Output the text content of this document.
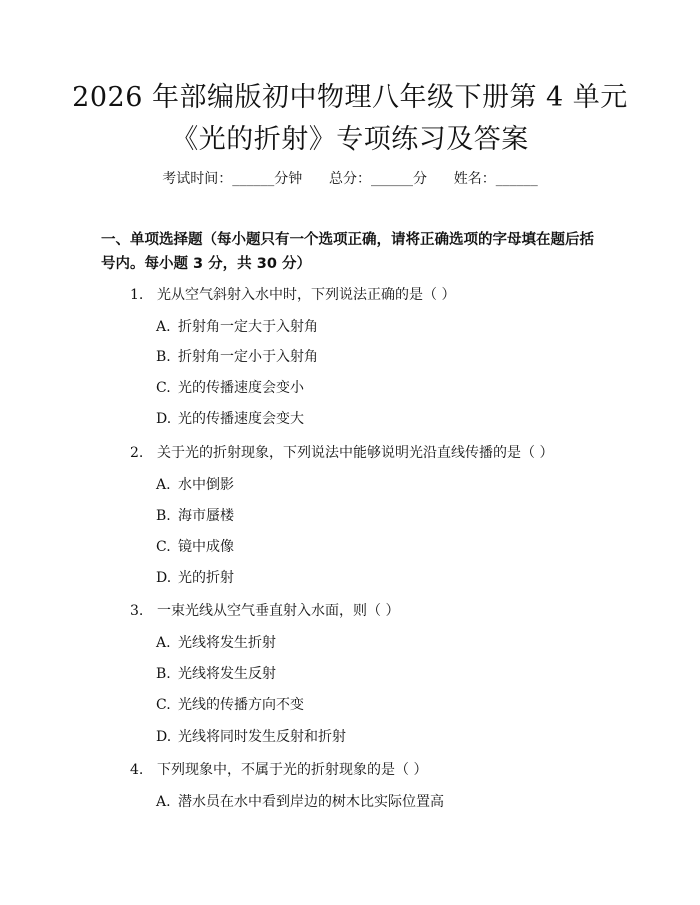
2026 年部编版初中物理八年级下册第 4 单元
《光的折射》专项练习及答案
考试时间：______分钟      总分：______分      姓名：______
一、单项选择题（每小题只有一个选项正确，请将正确选项的字母填在题后括号内。每小题 3 分，共 30 分）
1. 光从空气斜射入水中时，下列说法正确的是（ ）
A. 折射角一定大于入射角
B. 折射角一定小于入射角
C. 光的传播速度会变小
D. 光的传播速度会变大
2. 关于光的折射现象，下列说法中能够说明光沿直线传播的是（ ）
A. 水中倒影
B. 海市蜃楼
C. 镜中成像
D. 光的折射
3. 一束光线从空气垂直射入水面，则（ ）
A. 光线将发生折射
B. 光线将发生反射
C. 光线的传播方向不变
D. 光线将同时发生反射和折射
4. 下列现象中，不属于光的折射现象的是（ ）
A. 潜水员在水中看到岸边的树木比实际位置高
